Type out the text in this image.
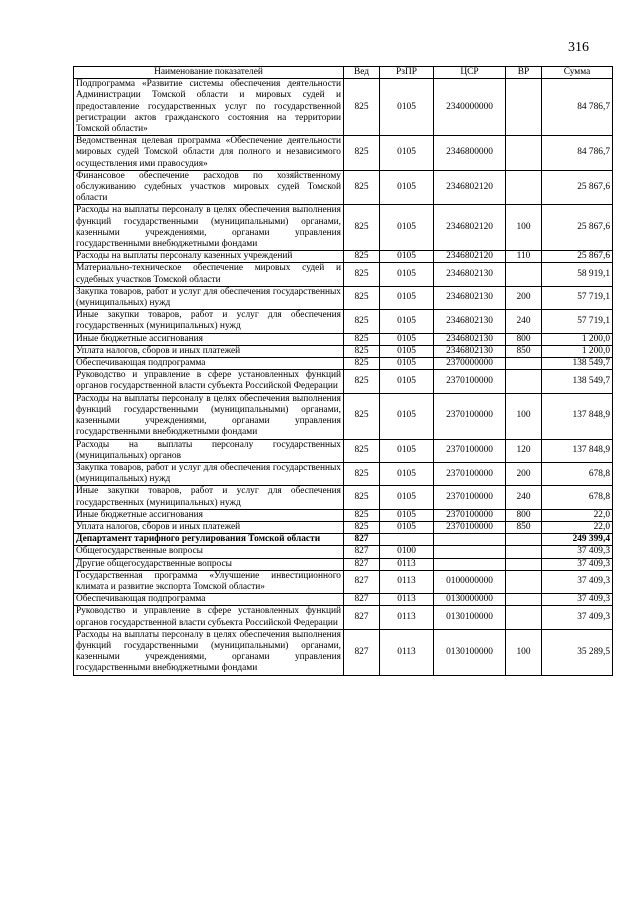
316
Наименование показателей	Вед	РзПР	ЦСР	ВР	Сумма
Подпрограмма «Развитие системы обеспечения деятельности Администрации Томской области и мировых судей и предоставление государственных услуг по государственной регистрации актов гражданского состояния на территории Томской области»	825	0105	2340000000		84 786,7
Ведомственная целевая программа «Обеспечение деятельности мировых судей Томской области для полного и независимого осуществления ими правосудия»	825	0105	2346800000		84 786,7
Финансовое обеспечение расходов по хозяйственному обслуживанию судебных участков мировых судей Томской области	825	0105	2346802120		25 867,6
Расходы на выплаты персоналу в целях обеспечения выполнения функций государственными (муниципальными) органами, казенными учреждениями, органами управления государственными внебюджетными фондами	825	0105	2346802120	100	25 867,6
Расходы на выплаты персоналу казенных учреждений	825	0105	2346802120	110	25 867,6
Материально-техническое обеспечение мировых судей и судебных участков Томской области	825	0105	2346802130		58 919,1
Закупка товаров, работ и услуг для обеспечения государственных (муниципальных) нужд	825	0105	2346802130	200	57 719,1
Иные закупки товаров, работ и услуг для обеспечения государственных (муниципальных) нужд	825	0105	2346802130	240	57 719,1
Иные бюджетные ассигнования	825	0105	2346802130	800	1 200,0
Уплата налогов, сборов и иных платежей	825	0105	2346802130	850	1 200,0
Обеспечивающая подпрограмма	825	0105	2370000000		138 549,7
Руководство и управление в сфере установленных функций органов государственной власти субъекта Российской Федерации	825	0105	2370100000		138 549,7
Расходы на выплаты персоналу в целях обеспечения выполнения функций государственными (муниципальными) органами, казенными учреждениями, органами управления государственными внебюджетными фондами	825	0105	2370100000	100	137 848,9
Расходы на выплаты персоналу государственных (муниципальных) органов	825	0105	2370100000	120	137 848,9
Закупка товаров, работ и услуг для обеспечения государственных (муниципальных) нужд	825	0105	2370100000	200	678,8
Иные закупки товаров, работ и услуг для обеспечения государственных (муниципальных) нужд	825	0105	2370100000	240	678,8
Иные бюджетные ассигнования	825	0105	2370100000	800	22,0
Уплата налогов, сборов и иных платежей	825	0105	2370100000	850	22,0
Департамент тарифного регулирования Томской области	827				249 399,4
Общегосударственные вопросы	827	0100			37 409,3
Другие общегосударственные вопросы	827	0113			37 409,3
Государственная программа «Улучшение инвестиционного климата и развитие экспорта Томской области»	827	0113	0100000000		37 409,3
Обеспечивающая подпрограмма	827	0113	0130000000		37 409,3
Руководство и управление в сфере установленных функций органов государственной власти субъекта Российской Федерации	827	0113	0130100000		37 409,3
Расходы на выплаты персоналу в целях обеспечения выполнения функций государственными (муниципальными) органами, казенными учреждениями, органами управления государственными внебюджетными фондами	827	0113	0130100000	100	35 289,5
